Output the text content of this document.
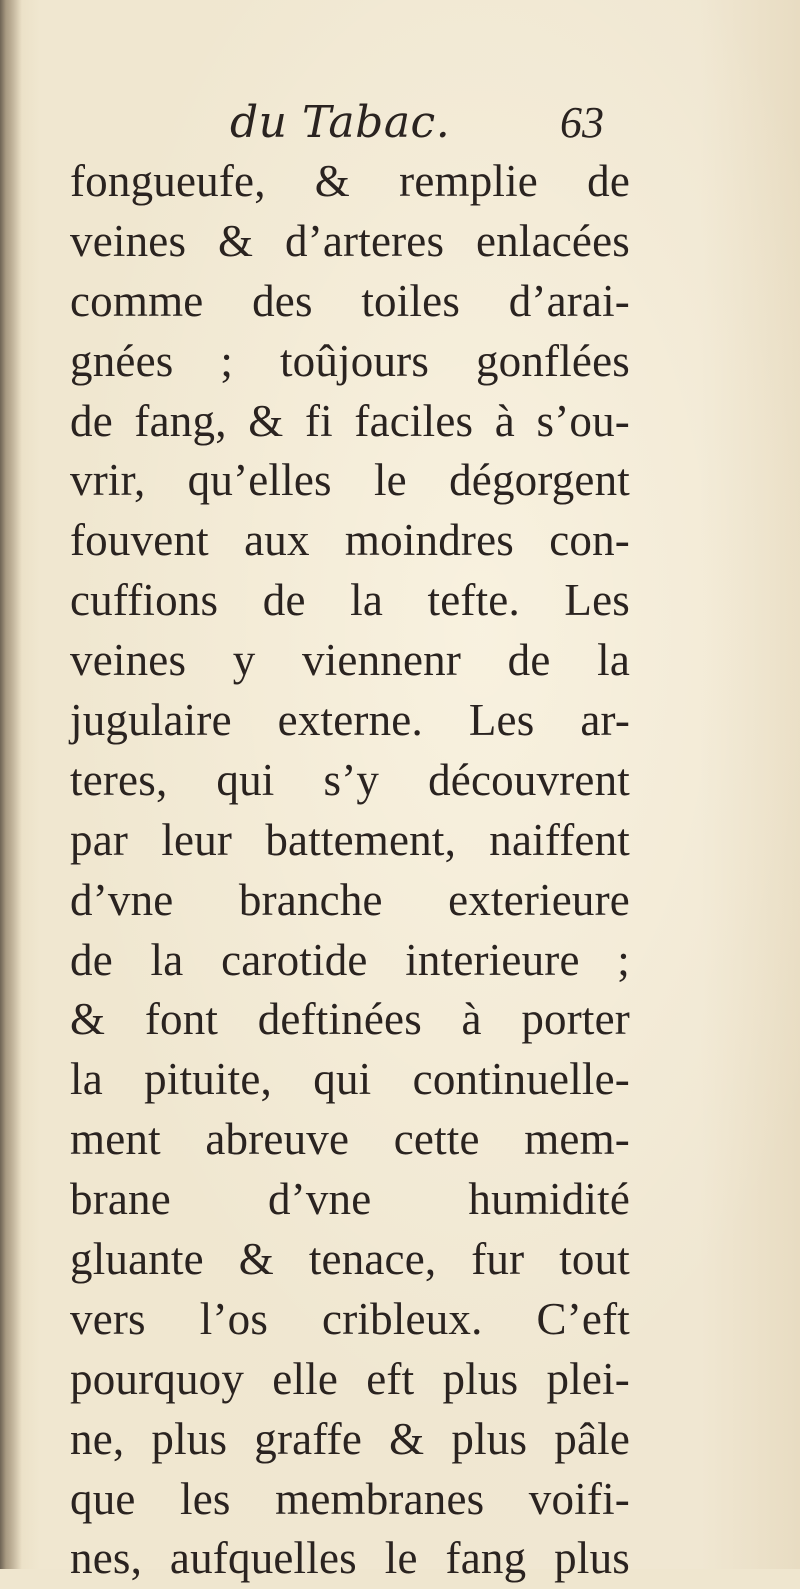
du Tabac. 63
fongueufe, & remplie de
veines & d’arteres enlacées
comme des toiles d’arai-
gnées ; toûjours gonflées
de fang, & fi faciles à s’ou-
vrir, qu’elles le dégorgent
fouvent aux moindres con-
cuffions de la tefte. Les
veines y viennenr de la
jugulaire externe. Les ar-
teres, qui s’y découvrent
par leur battement, naiffent
d’vne branche exterieure
de la carotide interieure ;
& font deftinées à porter
la pituite, qui continuelle-
ment abreuve cette mem-
brane d’vne humidité
gluante & tenace, fur tout
vers l’os cribleux. C’eft
pourquoy elle eft plus plei-
ne, plus graffe & plus pâle
que les membranes voifi-
nes, aufquelles le fang plus
